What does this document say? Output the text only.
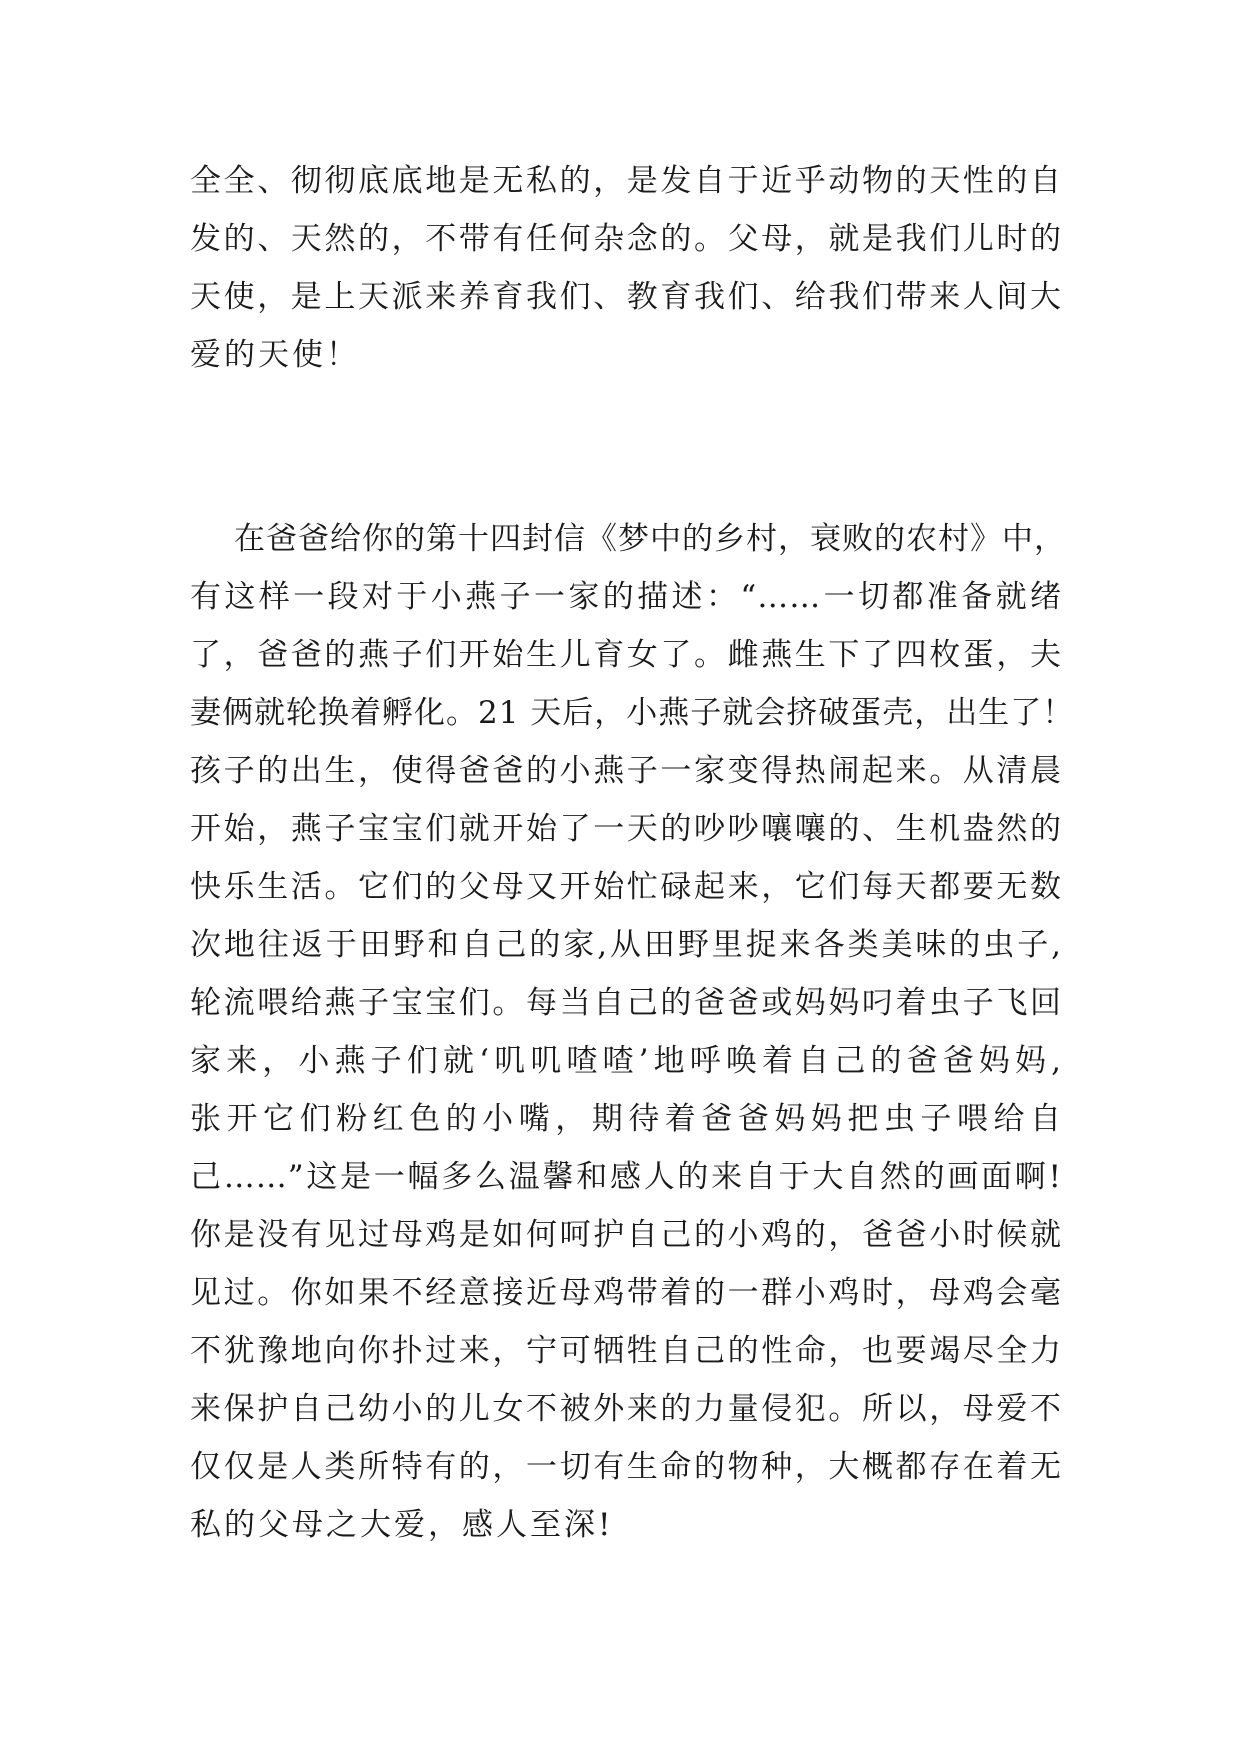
全全、彻彻底底地是无私的，是发自于近乎动物的天性的自
发的、天然的，不带有任何杂念的。父母，就是我们儿时的
天使，是上天派来养育我们、教育我们、给我们带来人间大
爱的天使！
在爸爸给你的第十四封信《梦中的乡村，衰败的农村》中，
有这样一段对于小燕子一家的描述：“……一切都准备就绪
了，爸爸的燕子们开始生儿育女了。雌燕生下了四枚蛋，夫
妻俩就轮换着孵化。21 天后，小燕子就会挤破蛋壳，出生了！
孩子的出生，使得爸爸的小燕子一家变得热闹起来。从清晨
开始，燕子宝宝们就开始了一天的吵吵嚷嚷的、生机盎然的
快乐生活。它们的父母又开始忙碌起来，它们每天都要无数
次地往返于田野和自己的家,从田野里捉来各类美味的虫子,
轮流喂给燕子宝宝们。每当自己的爸爸或妈妈叼着虫子飞回
家来，小燕子们就‘叽叽喳喳’地呼唤着自己的爸爸妈妈,
张开它们粉红色的小嘴，期待着爸爸妈妈把虫子喂给自
己……”这是一幅多么温馨和感人的来自于大自然的画面啊!
你是没有见过母鸡是如何呵护自己的小鸡的，爸爸小时候就
见过。你如果不经意接近母鸡带着的一群小鸡时，母鸡会毫
不犹豫地向你扑过来，宁可牺牲自己的性命，也要竭尽全力
来保护自己幼小的儿女不被外来的力量侵犯。所以，母爱不
仅仅是人类所特有的，一切有生命的物种，大概都存在着无
私的父母之大爱，感人至深!
